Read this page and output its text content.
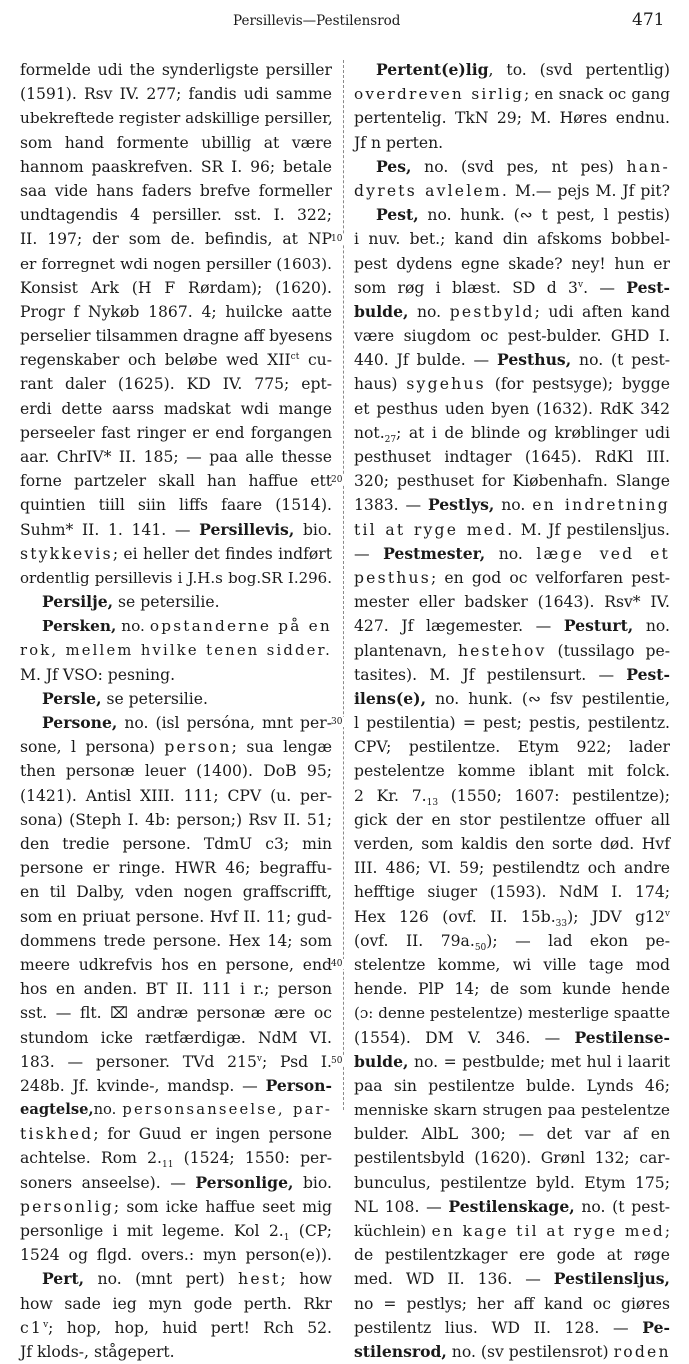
Persillevis—Pestilensrod	471
10
20
30
40
50
formelde udi the synderligste persiller
(1591). Rsv IV. 277; fandis udi samme
ubekreftede register adskillige persiller,
som hand formente ubillig at være
hannom paaskrefven. SR I. 96; betale
saa vide hans faders brefve formeller
undtagendis 4 persiller. sst. I. 322;
II. 197; der som de. befindis, at NP
er forregnet wdi nogen persiller (1603).
Konsist Ark (H F Rørdam); (1620).
Progr f Nykøb 1867. 4; huilcke aatte
perselier tilsammen dragne aff byesens
regenskaber och beløbe wed $XII^{ct}$ cu-
rant daler (1625). KD IV. 775; ept-
erdi dette aarss madskat wdi mange
perseeler fast ringer er end forgangen
aar. ChrIV* II. 185; — paa alle thesse
forne partzeler skall han haffue ett
quintien tiill siin liffs faare (1514).
Suhm* II. 1. 141. — Persillevis, bio.
stykkevis; ei heller det findes indført
ordentlig persillevis i J.H.s bog.SR I.296.
Persilje, se petersilie.
Persken, no. opstanderne på en
rok, mellem hvilke tenen sidder.
M. Jf VSO: pesning.
Persle, se petersilie.
Persone, no. (isl persóna, mnt per-
sone, l persona) person; sua lengæ
then personæ leuer (1400). DoB 95;
(1421). Antisl XIII. 111; CPV (u. per-
sona) (Steph I. 4b: person;) Rsv II. 51;
den tredie persone. TdmU c3; min
persone er ringe. HWR 46; begraffu-
en til Dalby, vden nogen graffscrifft,
som en priuat persone. Hvf II. 11; gud-
dommens trede persone. Hex 14; som
meere udkrefvis hos en persone, end
hos en anden. BT II. 111 i r.; person
sst. — flt. ⌧ andræ personæ ære oc
stundom icke rætfærdigæ. NdM VI.
183. — personer. TVd 215$^v$; Psd I.
248b. Jf. kvinde-, mandsp. — Person-
eagtelse,no. personsanseelse, par-
tiskhed; for Guud er ingen persone
achtelse. Rom $2._{11}$ (1524; 1550: per-
soners anseelse). — Personlige, bio.
personlig; som icke haffue seet mig
personlige i mit legeme. Kol $2._1$ (CP;
1524 og flgd. overs.: myn person(e)).
Pert, no. (mnt pert) hest; how
how sade ieg myn gode perth. Rkr
c1$^v$; hop, hop, huid pert! Rch 52.
Jf klods-, stågepert.
Pertent(e)lig, to. (svd pertentlig)
overdreven sirlig; en snack oc gang
pertentelig. TkN 29; M. Høres endnu.
Jf n perten.
Pes, no. (svd pes, nt pes) han-
dyrets avlelem. M.— pejs M. Jf pit?
Pest, no. hunk. (∾ t pest, l pestis)
i nuv. bet.; kand din afskoms bobbel-
pest dydens egne skade? ney! hun er
som røg i blæst. SD d 3$^v$. — Pest-
bulde, no. pestbyld; udi aften kand
være siugdom oc pest-bulder. GHD I.
440. Jf bulde. — Pesthus, no. (t pest-
haus) sygehus (for pestsyge); bygge
et pesthus uden byen (1632). RdK 342
$not._{27}$; at i de blinde og krøblinger udi
pesthuset indtager (1645). RdKl III.
320; pesthuset for Kiøbenhafn. Slange
1383. — Pestlys, no. en indretning
til at ryge med. M. Jf pestilensljus.
— Pestmester, no. læge ved et
pesthus; en god oc velforfaren pest-
mester eller badsker (1643). Rsv* IV.
427. Jf lægemester. — Pesturt, no.
plantenavn, hestehov (tussilago pe-
tasites). M. Jf pestilensurt. — Pest-
ilens(e), no. hunk. (∾ fsv pestilentie,
l pestilentia) = pest; pestis, pestilentz.
CPV; pestilentze. Etym 922; lader
pestelentze komme iblant mit folck.
2 Kr. $7._{13}$ (1550; 1607: pestilentze);
gick der en stor pestilentze offuer all
verden, som kaldis den sorte død. Hvf
III. 486; VI. 59; pestilendtz och andre
hefftige siuger (1593). NdM I. 174;
Hex 126 (ovf. II. $15b._{33}$); JDV g12$^v$
(ovf. II. $79a._{50}$); — lad ekon pe-
stelentze komme, wi ville tage mod
hende. PlP 14; de som kunde hende
(ɔ: denne pestelentze) mesterlige spaatte
(1554). DM V. 346. — Pestilense-
bulde, no. = pestbulde; met hul i laarit
paa sin pestilentze bulde. Lynds 46;
menniske skarn strugen paa pestelentze
bulder. AlbL 300; — det var af en
pestilentsbyld (1620). Grønl 132; car-
bunculus, pestilentze byld. Etym 175;
NL 108. — Pestilenskage, no. (t pest-
küchlein) en kage til at ryge med;
de pestilentzkager ere gode at røge
med. WD II. 136. — Pestilensljus,
no = pestlys; her aff kand oc giøres
pestilentz lius. WD II. 128. — Pe-
stilensrod, no. (sv pestilensrot) roden
